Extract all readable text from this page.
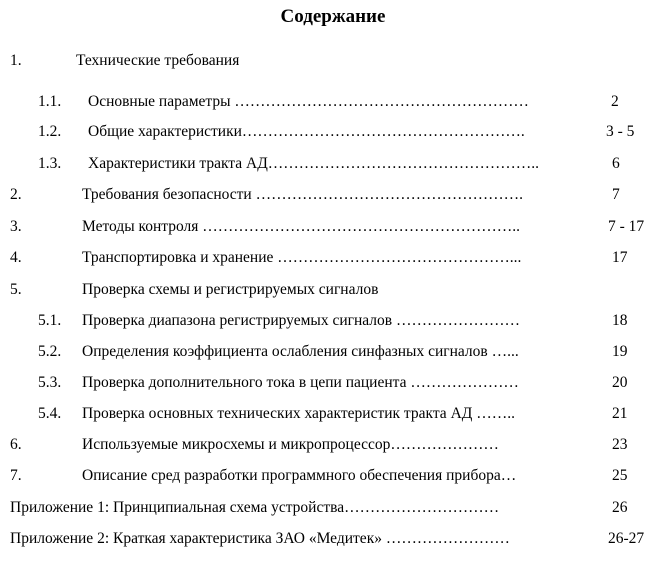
Содержание
1.	Технические требования
1.1. Основные параметры …………………………………………………	2
1.2. Общие характеристики……………………………………………….	3 - 5
1.3. Характеристики тракта АД……………………………………………..	6
2.	Требования безопасности …………………………………………….	7
3.	Методы контроля ……………………………………………………..	7 - 17
4.	Транспортировка и хранение ………………………………………...	17
5.	Проверка схемы и регистрируемых сигналов
5.1. Проверка диапазона регистрируемых сигналов ……………………	18
5.2. Определения коэффициента ослабления синфазных сигналов …...	19
5.3. Проверка дополнительного тока в цепи пациента …………………	20
5.4. Проверка основных технических характеристик тракта АД ……..	21
6.	Используемые микросхемы и микропроцессор…………………	23
7.	Описание сред разработки программного обеспечения прибора…	25
Приложение 1: Принципиальная схема устройства…………………………	26
Приложение 2: Краткая характеристика ЗАО «Медитек» ……………………	26-27
